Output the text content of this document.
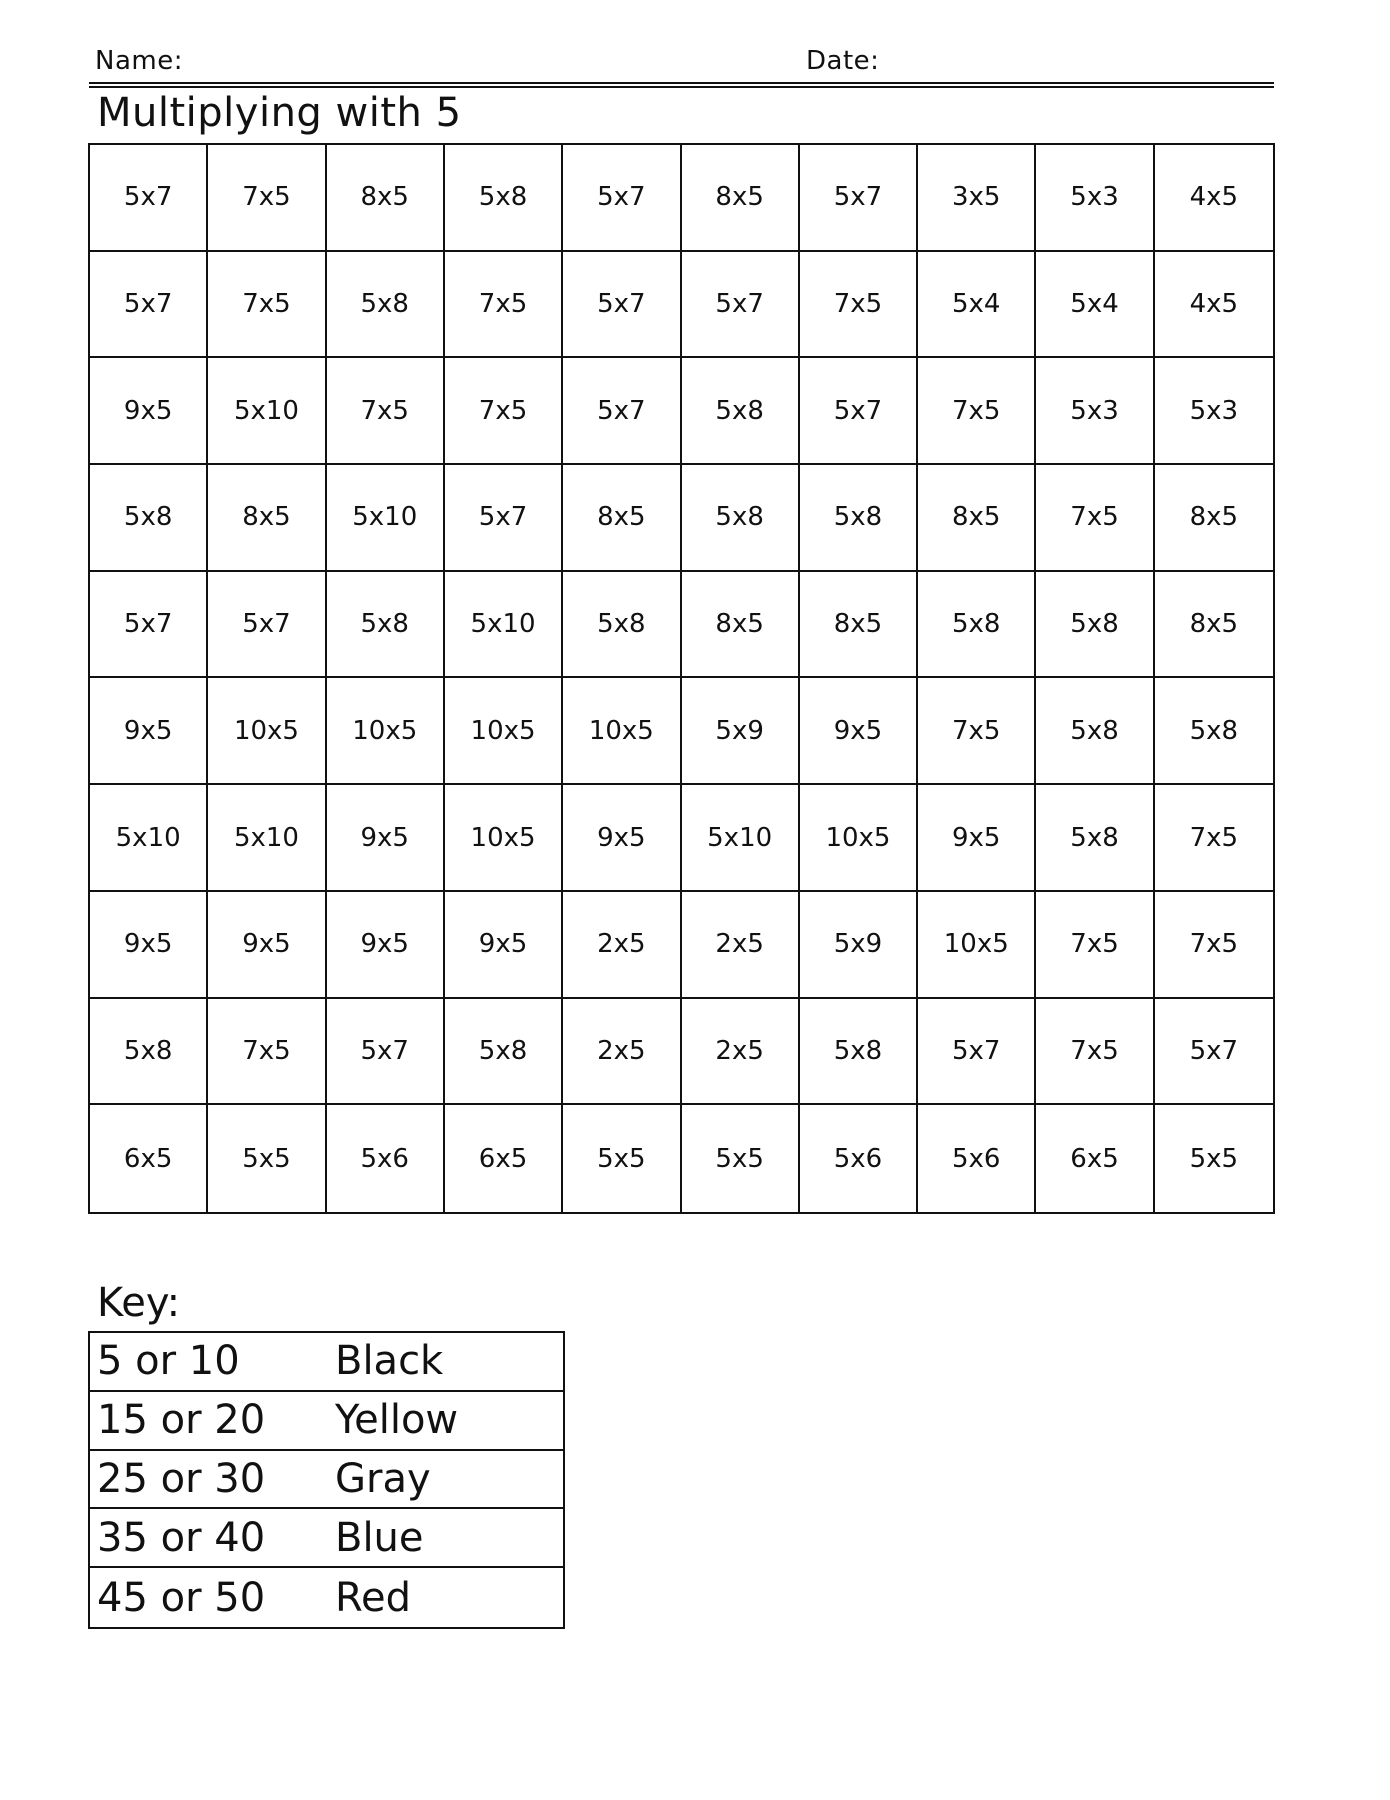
Name:	Date:
Multiplying with 5
5x7	7x5	8x5	5x8	5x7	8x5	5x7	3x5	5x3	4x5
5x7	7x5	5x8	7x5	5x7	5x7	7x5	5x4	5x4	4x5
9x5	5x10	7x5	7x5	5x7	5x8	5x7	7x5	5x3	5x3
5x8	8x5	5x10	5x7	8x5	5x8	5x8	8x5	7x5	8x5
5x7	5x7	5x8	5x10	5x8	8x5	8x5	5x8	5x8	8x5
9x5	10x5	10x5	10x5	10x5	5x9	9x5	7x5	5x8	5x8
5x10	5x10	9x5	10x5	9x5	5x10	10x5	9x5	5x8	7x5
9x5	9x5	9x5	9x5	2x5	2x5	5x9	10x5	7x5	7x5
5x8	7x5	5x7	5x8	2x5	2x5	5x8	5x7	7x5	5x7
6x5	5x5	5x6	6x5	5x5	5x5	5x6	5x6	6x5	5x5
Key:
5 or 10 Black
15 or 20 Yellow
25 or 30 Gray
35 or 40 Blue
45 or 50 Red
